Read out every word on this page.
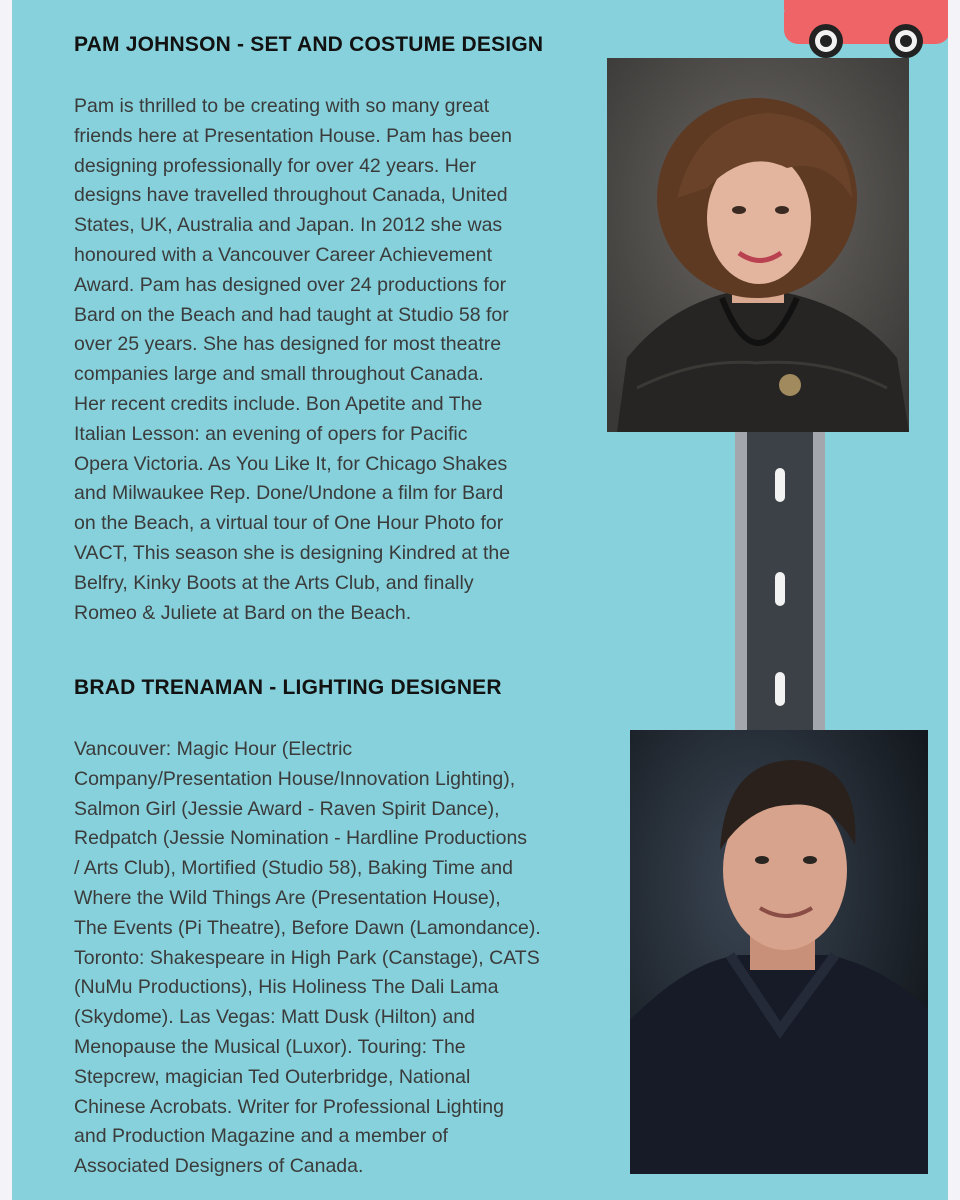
PAM JOHNSON - SET AND COSTUME DESIGN

Pam is thrilled to be creating with so many great
friends here at Presentation House. Pam has been
designing professionally for over 42 years. Her
designs have travelled throughout Canada, United
States, UK, Australia and Japan. In 2012 she was
honoured with a Vancouver Career Achievement
Award. Pam has designed over 24 productions for
Bard on the Beach and had taught at Studio 58 for
over 25 years. She has designed for most theatre
companies large and small throughout Canada.
Her recent credits include. Bon Apetite and The
Italian Lesson: an evening of opers for Pacific
Opera Victoria. As You Like It, for Chicago Shakes
and Milwaukee Rep. Done/Undone a film for Bard
on the Beach, a virtual tour of One Hour Photo for
VACT, This season she is designing Kindred at the
Belfry, Kinky Boots at the Arts Club, and finally
Romeo & Juliete at Bard on the Beach.

BRAD TRENAMAN - LIGHTING DESIGNER

Vancouver: Magic Hour (Electric
Company/Presentation House/Innovation Lighting),
Salmon Girl (Jessie Award - Raven Spirit Dance),
Redpatch (Jessie Nomination - Hardline Productions
/ Arts Club), Mortified (Studio 58), Baking Time and
Where the Wild Things Are (Presentation House),
The Events (Pi Theatre), Before Dawn (Lamondance).
Toronto: Shakespeare in High Park (Canstage), CATS
(NuMu Productions), His Holiness The Dali Lama
(Skydome). Las Vegas: Matt Dusk (Hilton) and
Menopause the Musical (Luxor). Touring: The
Stepcrew, magician Ted Outerbridge, National
Chinese Acrobats. Writer for Professional Lighting
and Production Magazine and a member of
Associated Designers of Canada.
